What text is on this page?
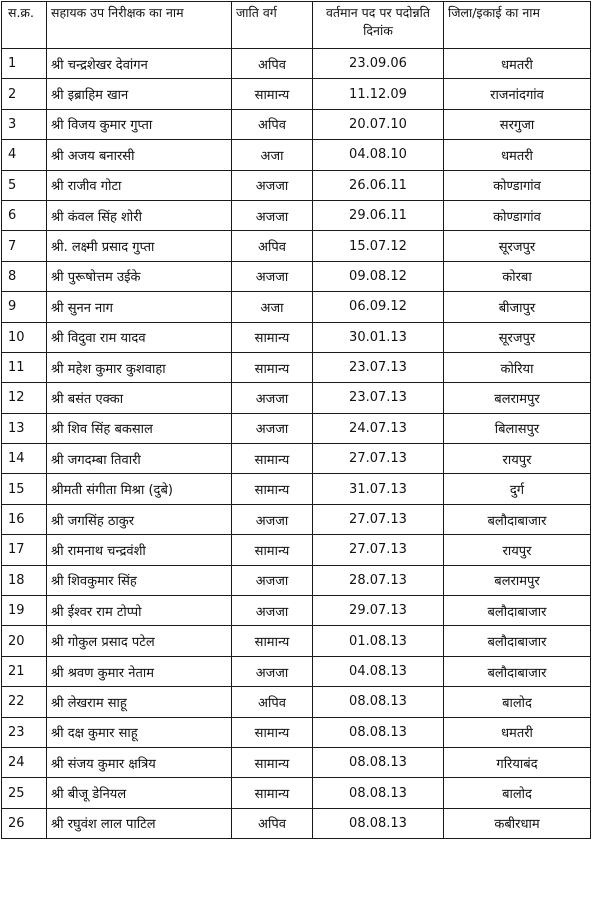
स.क्र.	सहायक उप निरीक्षक का नाम	जाति वर्ग	वर्तमान पद पर पदोन्नति दिनांक	जिला/इकाई का नाम
1	श्री चन्द्रशेखर देवांगन	अपिव	23.09.06	धमतरी
2	श्री इब्राहिम खान	सामान्य	11.12.09	राजनांदगांव
3	श्री विजय कुमार गुप्ता	अपिव	20.07.10	सरगुजा
4	श्री अजय बनारसी	अजा	04.08.10	धमतरी
5	श्री राजीव गोटा	अजजा	26.06.11	कोण्डागांव
6	श्री कंवल सिंह शोरी	अजजा	29.06.11	कोण्डागांव
7	श्री. लक्ष्मी प्रसाद गुप्ता	अपिव	15.07.12	सूरजपुर
8	श्री पुरूषोत्तम उईके	अजजा	09.08.12	कोरबा
9	श्री सुनन नाग	अजा	06.09.12	बीजापुर
10	श्री विदुवा राम यादव	सामान्य	30.01.13	सूरजपुर
11	श्री महेश कुमार कुशवाहा	सामान्य	23.07.13	कोरिया
12	श्री बसंत एक्का	अजजा	23.07.13	बलरामपुर
13	श्री शिव सिंह बकसाल	अजजा	24.07.13	बिलासपुर
14	श्री जगदम्बा तिवारी	सामान्य	27.07.13	रायपुर
15	श्रीमती संगीता मिश्रा (दुबे)	सामान्य	31.07.13	दुर्ग
16	श्री जगसिंह ठाकुर	अजजा	27.07.13	बलौदाबाजार
17	श्री रामनाथ चन्द्रवंशी	सामान्य	27.07.13	रायपुर
18	श्री शिवकुमार सिंह	अजजा	28.07.13	बलरामपुर
19	श्री ईश्वर राम टोप्पो	अजजा	29.07.13	बलौदाबाजार
20	श्री गोकुल प्रसाद पटेल	सामान्य	01.08.13	बलौदाबाजार
21	श्री श्रवण कुमार नेताम	अजजा	04.08.13	बलौदाबाजार
22	श्री लेखराम साहू	अपिव	08.08.13	बालोद
23	श्री दक्ष कुमार साहू	सामान्य	08.08.13	धमतरी
24	श्री संजय कुमार क्षत्रिय	सामान्य	08.08.13	गरियाबंद
25	श्री बीजू डेनियल	सामान्य	08.08.13	बालोद
26	श्री रघुवंश लाल पाटिल	अपिव	08.08.13	कबीरधाम
